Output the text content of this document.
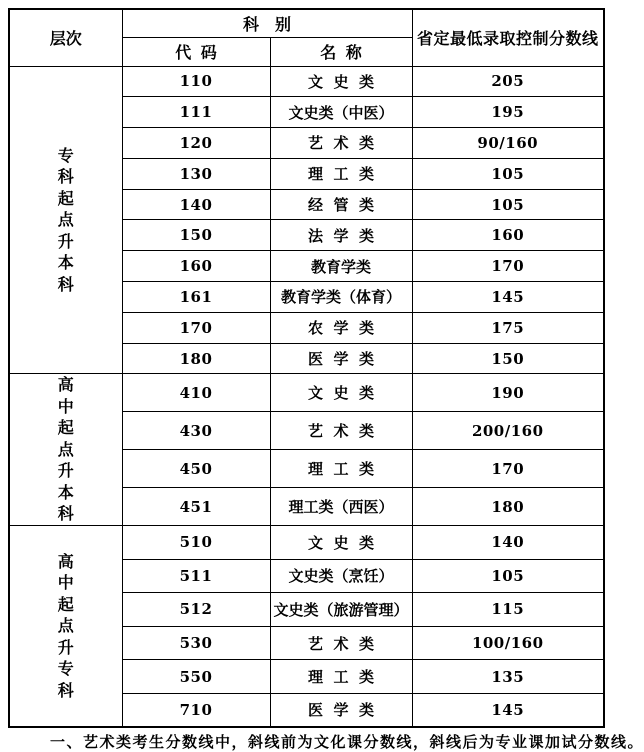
层次	科　别		省定最低录取控制分数线
	代 码	名 称	
专科起点升本科	110	文 史 类	205
	111	文史类（中医）	195
	120	艺 术 类	90/160
	130	理 工 类	105
	140	经 管 类	105
	150	法 学 类	160
	160	教育学类	170
	161	教育学类（体育）	145
	170	农 学 类	175
	180	医 学 类	150
高中起点升本科	410	文 史 类	190
	430	艺 术 类	200/160
	450	理 工 类	170
	451	理工类（西医）	180
高中起点升专科	510	文 史 类	140
	511	文史类（烹饪）	105
	512	文史类（旅游管理）	115
	530	艺 术 类	100/160
	550	理 工 类	135
	710	医 学 类	145
一、艺术类考生分数线中，斜线前为文化课分数线，斜线后为专业课加试分数线。
